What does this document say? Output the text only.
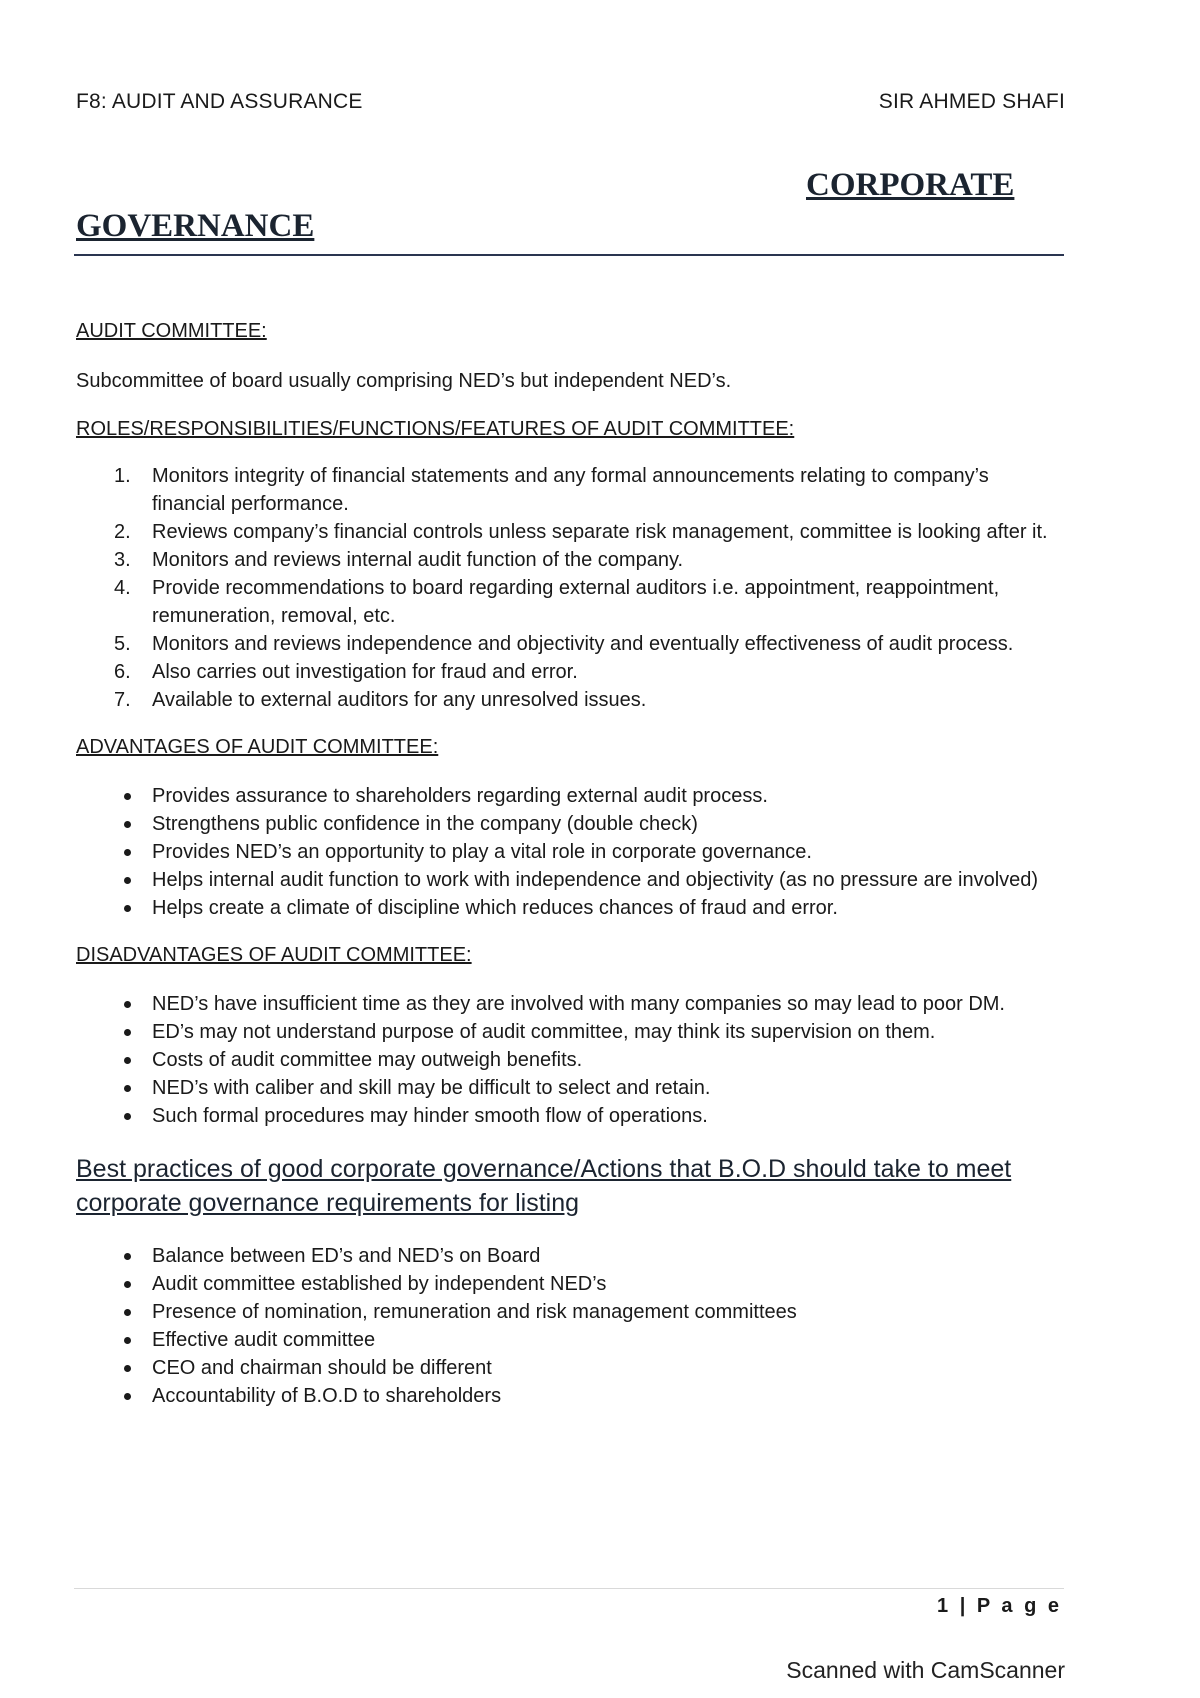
F8: AUDIT AND ASSURANCE	SIR AHMED SHAFI
CORPORATE
GOVERNANCE

AUDIT COMMITTEE:

Subcommittee of board usually comprising NED’s but independent NED’s.

ROLES/RESPONSIBILITIES/FUNCTIONS/FEATURES OF AUDIT COMMITTEE:

1. Monitors integrity of financial statements and any formal announcements relating to company’s financial performance.
2. Reviews company’s financial controls unless separate risk management, committee is looking after it.
3. Monitors and reviews internal audit function of the company.
4. Provide recommendations to board regarding external auditors i.e. appointment, reappointment, remuneration, removal, etc.
5. Monitors and reviews independence and objectivity and eventually effectiveness of audit process.
6. Also carries out investigation for fraud and error.
7. Available to external auditors for any unresolved issues.

ADVANTAGES OF AUDIT COMMITTEE:

Provides assurance to shareholders regarding external audit process.
Strengthens public confidence in the company (double check)
Provides NED’s an opportunity to play a vital role in corporate governance.
Helps internal audit function to work with independence and objectivity (as no pressure are involved)
Helps create a climate of discipline which reduces chances of fraud and error.

DISADVANTAGES OF AUDIT COMMITTEE:

NED’s have insufficient time as they are involved with many companies so may lead to poor DM.
ED’s may not understand purpose of audit committee, may think its supervision on them.
Costs of audit committee may outweigh benefits.
NED’s with caliber and skill may be difficult to select and retain.
Such formal procedures may hinder smooth flow of operations.

Best practices of good corporate governance/Actions that B.O.D should take to meet corporate governance requirements for listing

Balance between ED’s and NED’s on Board
Audit committee established by independent NED’s
Presence of nomination, remuneration and risk management committees
Effective audit committee
CEO and chairman should be different
Accountability of B.O.D to shareholders
1 | P a g e
Scanned with CamScanner
